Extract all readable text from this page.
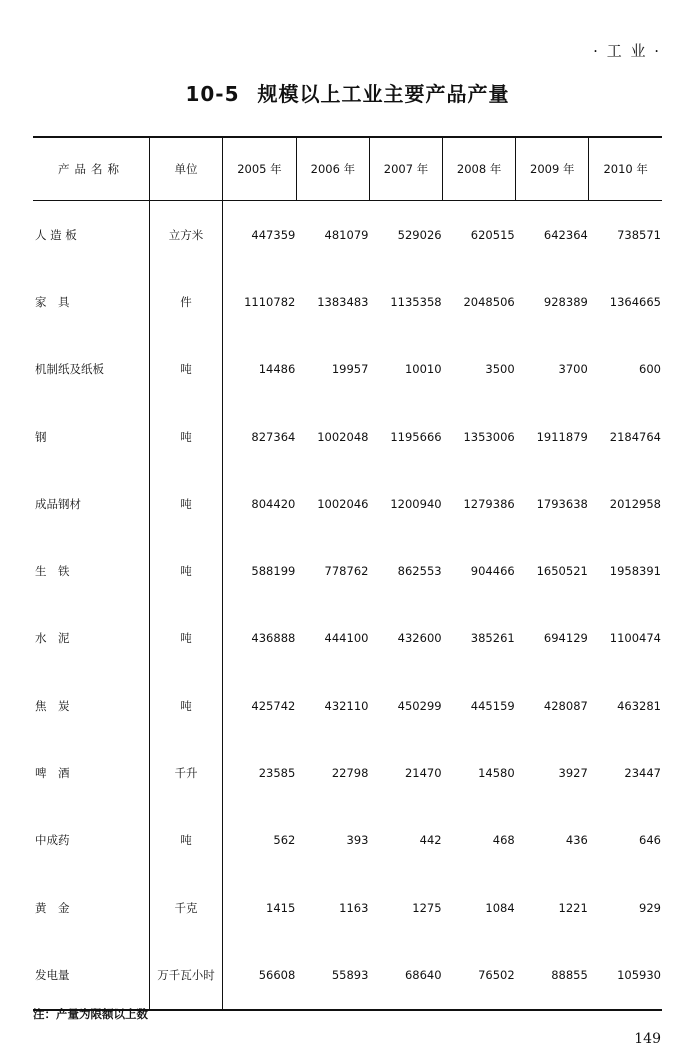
· 工 业 ·
10-5 规模以上工业主要产品产量
产品名称	单位	2005 年	2006 年	2007 年	2008 年	2009 年	2010 年
人 造 板	立方米	447359	481079	529026	620515	642364	738571
家　具	件	1110782	1383483	1135358	2048506	928389	1364665
机制纸及纸板	吨	14486	19957	10010	3500	3700	600
钢	吨	827364	1002048	1195666	1353006	1911879	2184764
成品钢材	吨	804420	1002046	1200940	1279386	1793638	2012958
生　铁	吨	588199	778762	862553	904466	1650521	1958391
水　泥	吨	436888	444100	432600	385261	694129	1100474
焦　炭	吨	425742	432110	450299	445159	428087	463281
啤　酒	千升	23585	22798	21470	14580	3927	23447
中成药	吨	562	393	442	468	436	646
黄　金	千克	1415	1163	1275	1084	1221	929
发电量	万千瓦小时	56608	55893	68640	76502	88855	105930
注：产量为限额以上数
149
